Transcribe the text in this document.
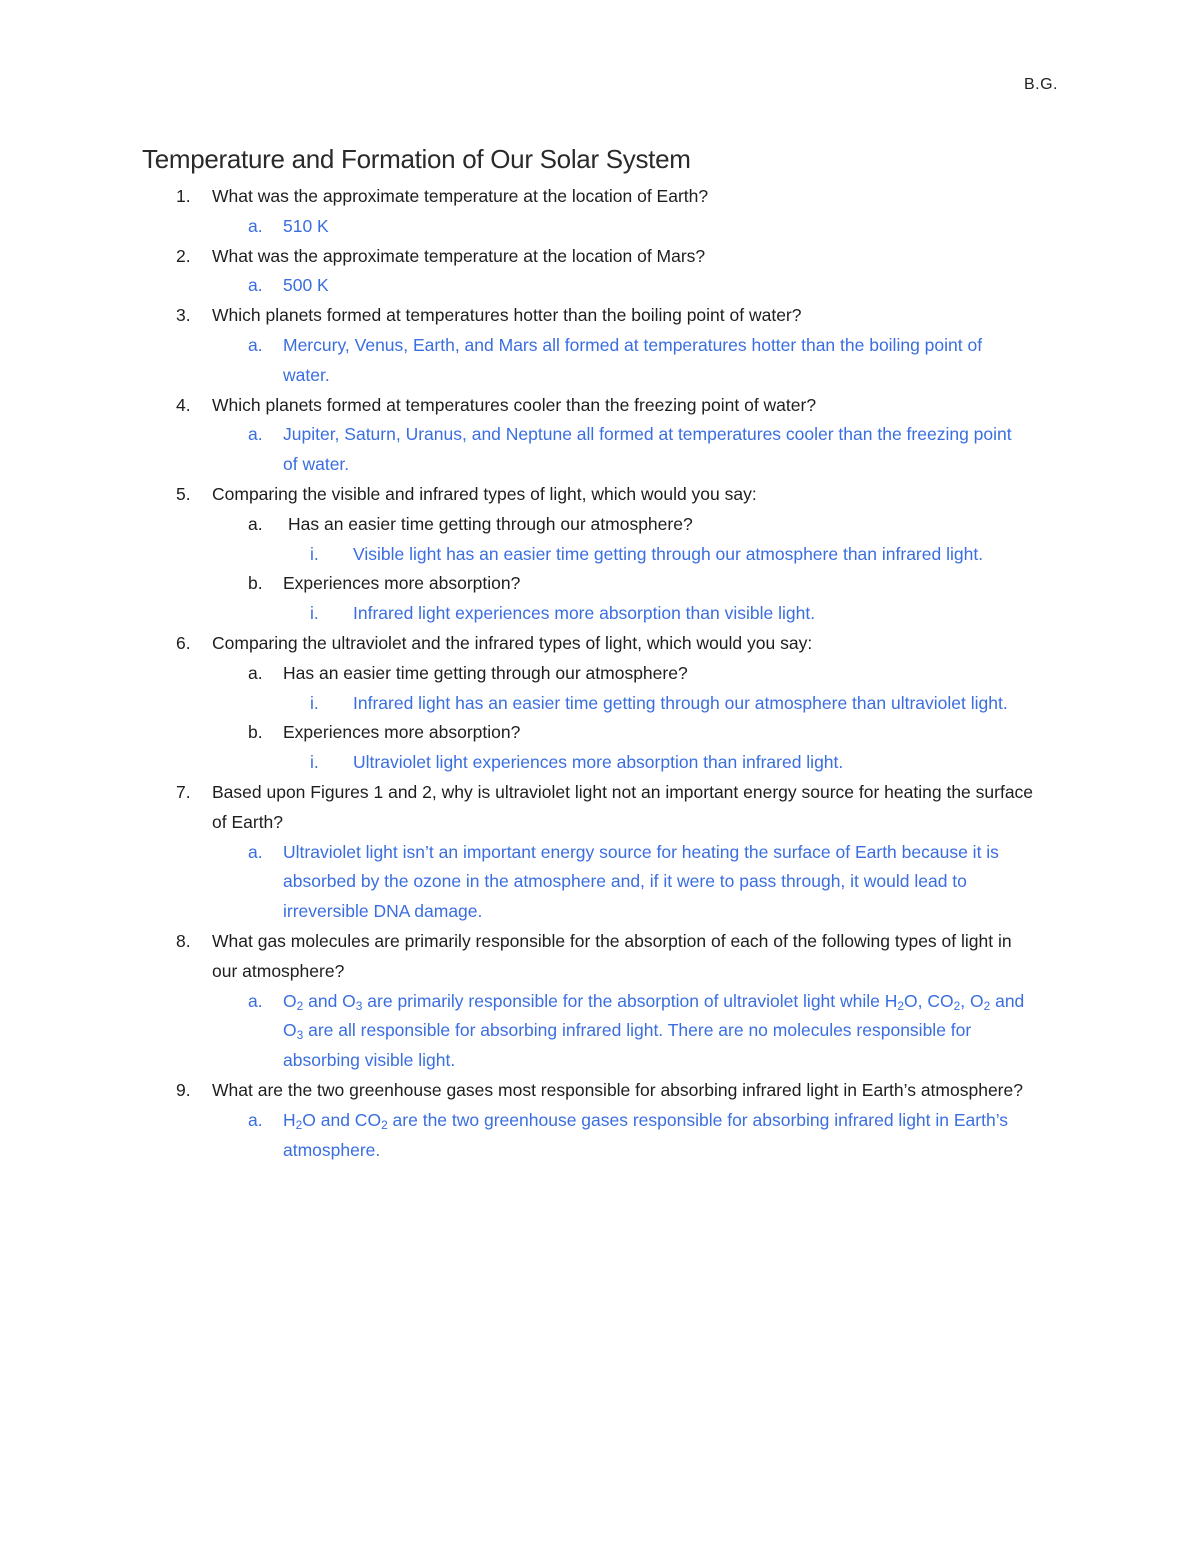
B.G.
Temperature and Formation of Our Solar System
1. What was the approximate temperature at the location of Earth?
a. 510 K
2. What was the approximate temperature at the location of Mars?
a. 500 K
3. Which planets formed at temperatures hotter than the boiling point of water?
a. Mercury, Venus, Earth, and Mars all formed at temperatures hotter than the boiling point of
water.
4. Which planets formed at temperatures cooler than the freezing point of water?
a. Jupiter, Saturn, Uranus, and Neptune all formed at temperatures cooler than the freezing point
of water.
5. Comparing the visible and infrared types of light, which would you say:
a. Has an easier time getting through our atmosphere?
i. Visible light has an easier time getting through our atmosphere than infrared light.
b. Experiences more absorption?
i. Infrared light experiences more absorption than visible light.
6. Comparing the ultraviolet and the infrared types of light, which would you say:
a. Has an easier time getting through our atmosphere?
i. Infrared light has an easier time getting through our atmosphere than ultraviolet light.
b. Experiences more absorption?
i. Ultraviolet light experiences more absorption than infrared light.
7. Based upon Figures 1 and 2, why is ultraviolet light not an important energy source for heating the surface
of Earth?
a. Ultraviolet light isn’t an important energy source for heating the surface of Earth because it is
absorbed by the ozone in the atmosphere and, if it were to pass through, it would lead to
irreversible DNA damage.
8. What gas molecules are primarily responsible for the absorption of each of the following types of light in
our atmosphere?
a. $O_2$ and $O_3$ are primarily responsible for the absorption of ultraviolet light while $H_2O$, $CO_2$, $O_2$ and
$O_3$ are all responsible for absorbing infrared light. There are no molecules responsible for
absorbing visible light.
9. What are the two greenhouse gases most responsible for absorbing infrared light in Earth’s atmosphere?
a. $H_2O$ and $CO_2$ are the two greenhouse gases responsible for absorbing infrared light in Earth’s
atmosphere.
